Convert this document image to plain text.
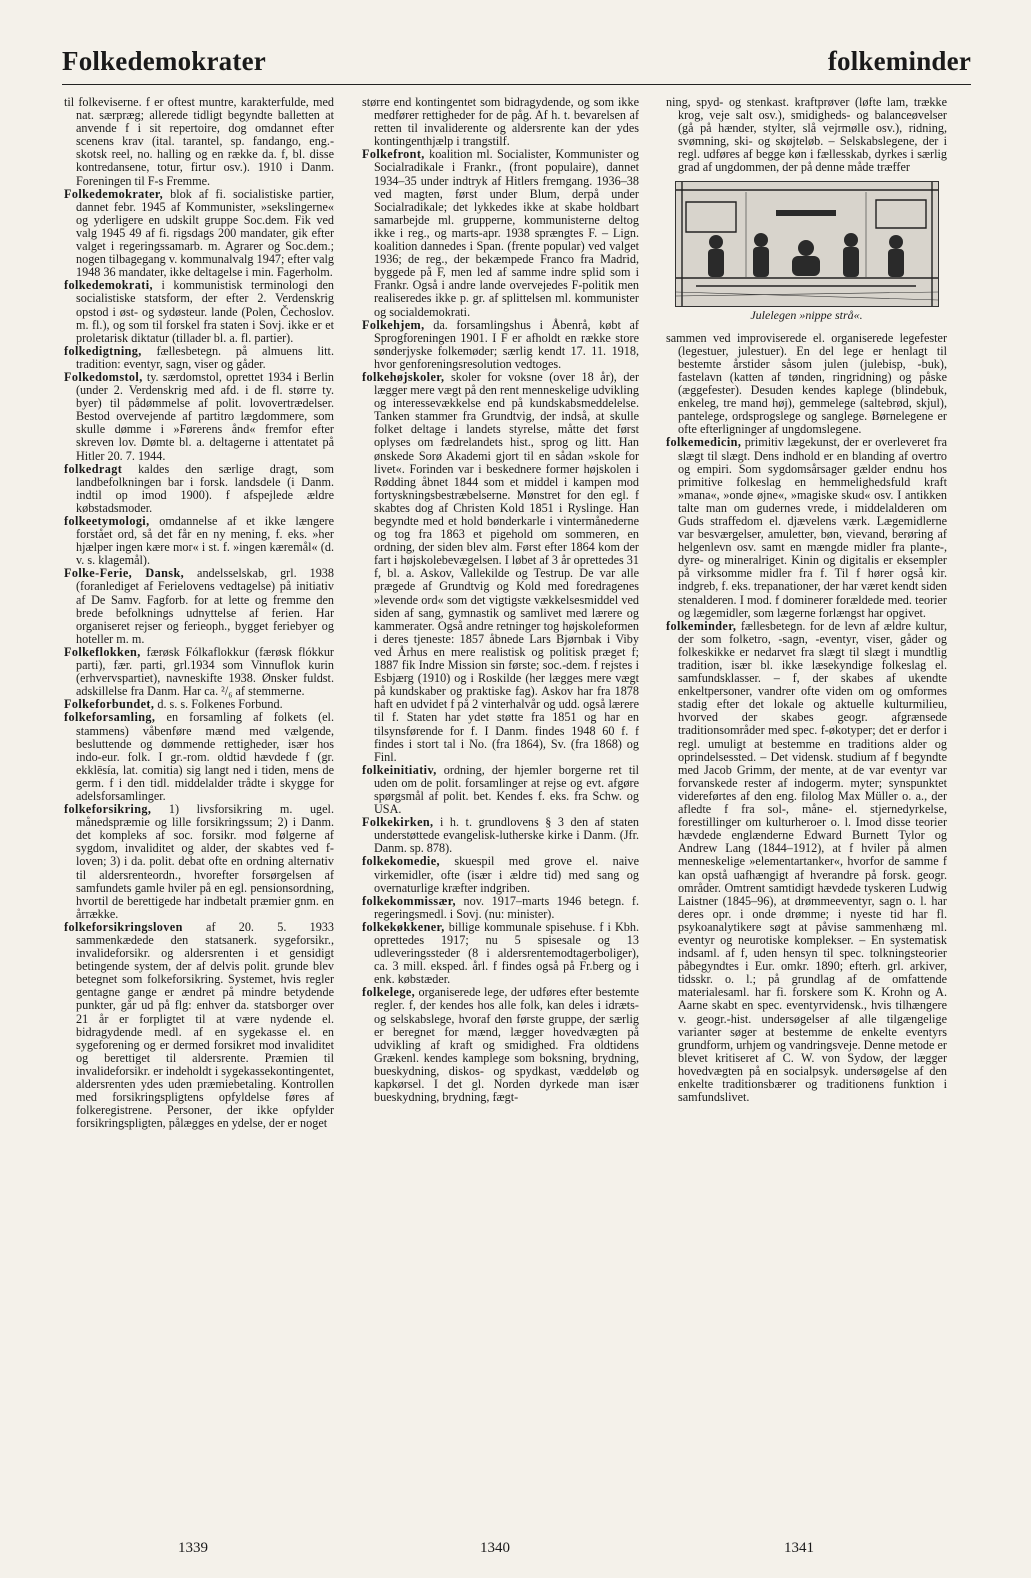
Folkedemokrater	folkeminder

til folkeviserne. f er oftest muntre, karakterfulde, med nat. særpræg; allerede tidligt begyndte balletten at anvende f i sit repertoire, dog omdannet efter scenens krav (ital. tarantel, sp. fandango, eng.-skotsk reel, no. halling og en række da. f, bl. disse kontredansene, totur, firtur osv.). 1910 i Danm. Foreningen til F-s Fremme.

Folkedemokrater, blok af fi. socialistiske partier, dannet febr. 1945 af Kommunister, »sekslingerne« og yderligere en udskilt gruppe Soc.dem. Fik ved valg 1945 49 af fi. rigsdags 200 mandater, gik efter valget i regeringssamarb. m. Agrarer og Soc.dem.; nogen tilbagegang v. kommunalvalg 1947; efter valg 1948 36 mandater, ikke deltagelse i min. Fagerholm.

folkedemokrati, i kommunistisk terminologi den socialistiske statsform, der efter 2. Verdenskrig opstod i øst- og sydøsteur. lande (Polen, Čechoslov. m. fl.), og som til forskel fra staten i Sovj. ikke er et proletarisk diktatur (tillader bl. a. fl. partier).

folkedigtning, fællesbetegn. på almuens litt. tradition: eventyr, sagn, viser og gåder.

Folkedomstol, ty. særdomstol, oprettet 1934 i Berlin (under 2. Verdenskrig med afd. i de fl. større ty. byer) til pådømmelse af polit. lovovertrædelser. Bestod overvejende af partitro lægdommere, som skulle dømme i »Førerens ånd« fremfor efter skreven lov. Dømte bl. a. deltagerne i attentatet på Hitler 20. 7. 1944.

folkedragt kaldes den særlige dragt, som landbefolkningen bar i forsk. landsdele (i Danm. indtil op imod 1900). f afspejlede ældre købstadsmoder.

folkeetymologi, omdannelse af et ikke længere forstået ord, så det får en ny mening, f. eks. »her hjælper ingen kære mor« i st. f. »ingen kæremål« (d. v. s. klagemål).

Folke-Ferie, Dansk, andelsselskab, grl. 1938 (foranlediget af Ferielovens vedtagelse) på initiativ af De Samv. Fagforb. for at lette og fremme den brede befolknings udnyttelse af ferien. Har organiseret rejser og ferieoph., bygget feriebyer og hoteller m. m.

Folkeflokken, færøsk Fólkaflokkur (færøsk flókkur parti), fær. parti, grl.1934 som Vinnuflok kurin (erhvervspartiet), navneskifte 1938. Ønsker fuldst. adskillelse fra Danm. Har ca. ²/₆ af stemmerne.

Folkeforbundet, d. s. s. Folkenes Forbund.

folkeforsamling, en forsamling af folkets (el. stammens) våbenføre mænd med vælgende, besluttende og dømmende rettigheder, især hos indo-eur. folk. I gr.-rom. oldtid hævdede f (gr. ekklēsía, lat. comitia) sig langt ned i tiden, mens de germ. f i den tidl. middelalder trådte i skygge for adelsforsamlinger.

folkeforsikring, 1) livsforsikring m. ugel. månedspræmie og lille forsikringssum; 2) i Danm. det kompleks af soc. forsikr. mod følgerne af sygdom, invaliditet og alder, der skabtes ved f-loven; 3) i da. polit. debat ofte en ordning alternativ til aldersrenteordn., hvorefter forsørgelsen af samfundets gamle hviler på en egl. pensionsordning, hvortil de berettigede har indbetalt præmier gnm. en årrække.

folkeforsikringsloven af 20. 5. 1933 sammenkædede den statsanerk. sygeforsikr., invalideforsikr. og aldersrenten i et gensidigt betingende system, der af delvis polit. grunde blev betegnet som folkeforsikring. Systemet, hvis regler gentagne gange er ændret på mindre betydende punkter, går ud på flg: enhver da. statsborger over 21 år er forpligtet til at være nydende el. bidragydende medl. af en sygekasse el. en sygeforening og er dermed forsikret mod invaliditet og berettiget til aldersrente. Præmien til invalideforsikr. er indeholdt i sygekassekontingentet, aldersrenten ydes uden præmiebetaling. Kontrollen med forsikringspligtens opfyldelse føres af folkeregistrene. Personer, der ikke opfylder forsikringspligten, pålægges en ydelse, der er noget

større end kontingentet som bidragydende, og som ikke medfører rettigheder for de påg. Af h. t. bevarelsen af retten til invaliderente og aldersrente kan der ydes kontingenthjælp i trangstilf.

Folkefront, koalition ml. Socialister, Kommunister og Socialradikale i Frankr., (front populaire), dannet 1934–35 under indtryk af Hitlers fremgang. 1936–38 ved magten, først under Blum, derpå under Socialradikale; det lykkedes ikke at skabe holdbart samarbejde ml. grupperne, kommunisterne deltog ikke i reg., og marts-apr. 1938 sprængtes F. – Lign. koalition dannedes i Span. (frente popular) ved valget 1936; de reg., der bekæmpede Franco fra Madrid, byggede på F, men led af samme indre splid som i Frankr. Også i andre lande overvejedes F-politik men realiseredes ikke p. gr. af splittelsen ml. kommunister og socialdemokrati.

Folkehjem, da. forsamlingshus i Åbenrå, købt af Sprogforeningen 1901. I F er afholdt en række store sønderjyske folkemøder; særlig kendt 17. 11. 1918, hvor genforeningsresolution vedtoges.

folkehøjskoler, skoler for voksne (over 18 år), der lægger mere vægt på den rent menneskelige udvikling og interessevækkelse end på kundskabsmeddelelse. Tanken stammer fra Grundtvig, der indså, at skulle folket deltage i landets styrelse, måtte det først oplyses om fædrelandets hist., sprog og litt. Han ønskede Sorø Akademi gjort til en sådan »skole for livet«. Forinden var i beskednere former højskolen i Rødding åbnet 1844 som et middel i kampen mod fortyskningsbestræbelserne. Mønstret for den egl. f skabtes dog af Christen Kold 1851 i Ryslinge. Han begyndte med et hold bønderkarle i vintermånederne og tog fra 1863 et pigehold om sommeren, en ordning, der siden blev alm. Først efter 1864 kom der fart i højskolebevægelsen. I løbet af 3 år oprettedes 31 f, bl. a. Askov, Vallekilde og Testrup. De var alle prægede af Grundtvig og Kold med foredragenes »levende ord« som det vigtigste vækkelsesmiddel ved siden af sang, gymnastik og samlivet med lærere og kammerater. Også andre retninger tog højskoleformen i deres tjeneste: 1857 åbnede Lars Bjørnbak i Viby ved Århus en mere realistisk og politisk præget f; 1887 fik Indre Mission sin første; soc.-dem. f rejstes i Esbjærg (1910) og i Roskilde (her lægges mere vægt på kundskaber og praktiske fag). Askov har fra 1878 haft en udvidet f på 2 vinterhalvår og udd. også lærere til f. Staten har ydet støtte fra 1851 og har en tilsynsførende for f. I Danm. findes 1948 60 f. f findes i stort tal i No. (fra 1864), Sv. (fra 1868) og Finl.

folkeinitiativ, ordning, der hjemler borgerne ret til uden om de polit. forsamlinger at rejse og evt. afgøre spørgsmål af polit. bet. Kendes f. eks. fra Schw. og USA.

Folkekirken, i h. t. grundlovens § 3 den af staten understøttede evangelisk-lutherske kirke i Danm. (Jfr. Danm. sp. 878).

folkekomedie, skuespil med grove el. naive virkemidler, ofte (især i ældre tid) med sang og overnaturlige kræfter indgriben.

folkekommissær, nov. 1917–marts 1946 betegn. f. regeringsmedl. i Sovj. (nu: minister).

folkekøkkener, billige kommunale spisehuse. f i Kbh. oprettedes 1917; nu 5 spisesale og 13 udleveringssteder (8 i aldersrentemodtagerboliger), ca. 3 mill. eksped. årl. f findes også på Fr.berg og i enk. købstæder.

folkelege, organiserede lege, der udføres efter bestemte regler. f, der kendes hos alle folk, kan deles i idræts- og selskabslege, hvoraf den første gruppe, der særlig er beregnet for mænd, lægger hovedvægten på udvikling af kraft og smidighed. Fra oldtidens Grækenl. kendes kamplege som boksning, brydning, bueskydning, diskos- og spydkast, væddeløb og kapkørsel. I det gl. Norden dyrkede man især bueskydning, brydning, fægt-

ning, spyd- og stenkast. kraftprøver (løfte lam, trække krog, veje salt osv.), smidigheds- og balanceøvelser (gå på hænder, stylter, slå vejrmølle osv.), ridning, svømning, ski- og skøjteløb. – Selskabslegene, der i regl. udføres af begge køn i fællesskab, dyrkes i særlig grad af ungdommen, der på denne måde træffer

Julelegen »nippe strå«.

sammen ved improviserede el. organiserede legefester (legestuer, julestuer). En del lege er henlagt til bestemte årstider såsom julen (julebisp, -buk), fastelavn (katten af tønden, ringridning) og påske (æggefester). Desuden kendes kaplege (blindebuk, enkeleg, tre mand høj), gemmelege (saltebrød, skjul), pantelege, ordsprogslege og sanglege. Børnelegene er ofte efterligninger af ungdomslegene.

folkemedicin, primitiv lægekunst, der er overleveret fra slægt til slægt. Dens indhold er en blanding af overtro og empiri. Som sygdomsårsager gælder endnu hos primitive folkeslag en hemmelighedsfuld kraft »mana«, »onde øjne«, »magiske skud« osv. I antikken talte man om gudernes vrede, i middelalderen om Guds straffedom el. djævelens værk. Lægemidlerne var besværgelser, amuletter, bøn, vievand, berøring af helgenlevn osv. samt en mængde midler fra plante-, dyre- og mineralriget. Kinin og digitalis er eksempler på virksomme midler fra f. Til f hører også kir. indgreb, f. eks. trepanationer, der har været kendt siden stenalderen. I mod. f dominerer forældede med. teorier og lægemidler, som lægerne forlængst har opgivet.

folkeminder, fællesbetegn. for de levn af ældre kultur, der som folketro, -sagn, -eventyr, viser, gåder og folkeskikke er nedarvet fra slægt til slægt i mundtlig tradition, især bl. ikke læsekyndige folkeslag el. samfundsklasser. – f, der skabes af ukendte enkeltpersoner, vandrer ofte viden om og omformes stadig efter det lokale og aktuelle kulturmilieu, hvorved der skabes geogr. afgrænsede traditionsområder med spec. f-økotyper; det er derfor i regl. umuligt at bestemme en traditions alder og oprindelsessted. – Det vidensk. studium af f begyndte med Jacob Grimm, der mente, at de var eventyr var forvanskede rester af indogerm. myter; synspunktet videreførtes af den eng. filolog Max Müller o. a., der afledte f fra sol-, måne- el. stjernedyrkelse, forestillinger om kulturheroer o. l. Imod disse teorier hævdede englænderne Edward Burnett Tylor og Andrew Lang (1844–1912), at f hviler på almen menneskelige »elementartanker«, hvorfor de samme f kan opstå uafhængigt af hverandre på forsk. geogr. områder. Omtrent samtidigt hævdede tyskeren Ludwig Laistner (1845–96), at drømmeeventyr, sagn o. l. har deres opr. i onde drømme; i nyeste tid har fl. psykoanalytikere søgt at påvise sammenhæng ml. eventyr og neurotiske komplekser. – En systematisk indsaml. af f, uden hensyn til spec. tolkningsteorier påbegyndtes i Eur. omkr. 1890; efterh. grl. arkiver, tidsskr. o. l.; på grundlag af de omfattende materialesaml. har fi. forskere som K. Krohn og A. Aarne skabt en spec. eventyrvidensk., hvis tilhængere v. geogr.-hist. undersøgelser af alle tilgængelige varianter søger at bestemme de enkelte eventyrs grundform, urhjem og vandringsveje. Denne metode er blevet kritiseret af C. W. von Sydow, der lægger hovedvægten på en socialpsyk. undersøgelse af den enkelte traditionsbærer og traditionens funktion i samfundslivet.

1339	1340	1341
